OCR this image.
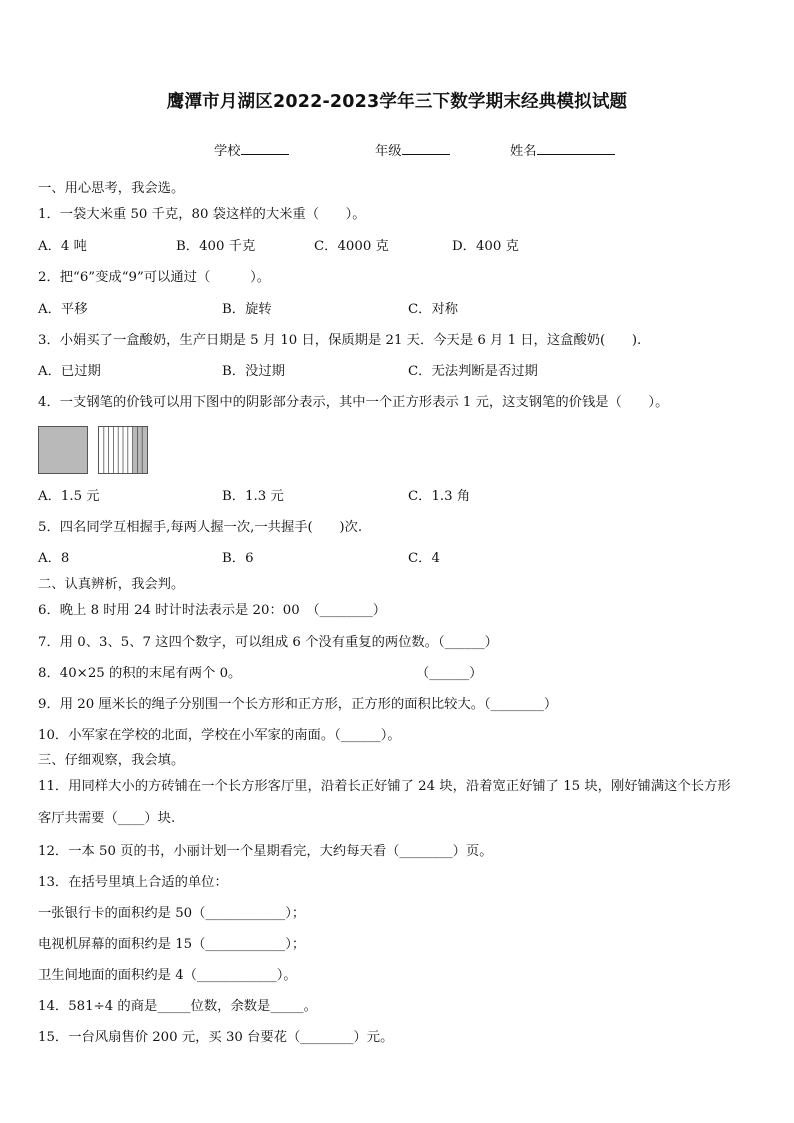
鹰潭市月湖区2022-2023学年三下数学期末经典模拟试题
学校	年级	姓名
一、用心思考，我会选。
1．一袋大米重 50 千克，80 袋这样的大米重（　　）。
A．4 吨	B．400 千克	C．4000 克	D．400 克
2．把“6”变成“9”可以通过（　　　）。
A．平移	B．旋转	C．对称
3．小娟买了一盒酸奶，生产日期是 5 月 10 日，保质期是 21 天．今天是 6 月 1 日，这盒酸奶(　　).
A．已过期	B．没过期	C．无法判断是否过期
4．一支钢笔的价钱可以用下图中的阴影部分表示，其中一个正方形表示 1 元，这支钢笔的价钱是（　　）。
A．1.5 元	B．1.3 元	C．1.3 角
5．四名同学互相握手,每两人握一次,一共握手(　　)次.
A．8	B．6	C．4
二、认真辨析，我会判。
6．晚上 8 时用 24 时计时法表示是 20：00　（________）
7．用 0、3、5、7 这四个数字，可以组成 6 个没有重复的两位数。（______）
8．40×25 的积的末尾有两个 0。	（______）
9．用 20 厘米长的绳子分别围一个长方形和正方形，正方形的面积比较大。（________）
10．小军家在学校的北面，学校在小军家的南面。（______）。
三、仔细观察，我会填。
11．用同样大小的方砖铺在一个长方形客厅里，沿着长正好铺了 24 块，沿着宽正好铺了 15 块，刚好铺满这个长方形
客厅共需要（____）块.
12．一本 50 页的书，小丽计划一个星期看完，大约每天看（________）页。
13．在括号里填上合适的单位：
一张银行卡的面积约是 50（____________）；
电视机屏幕的面积约是 15（____________）；
卫生间地面的面积约是 4（____________）。
14．581÷4 的商是_____位数，余数是_____。
15．一台风扇售价 200 元，买 30 台要花（________）元。
